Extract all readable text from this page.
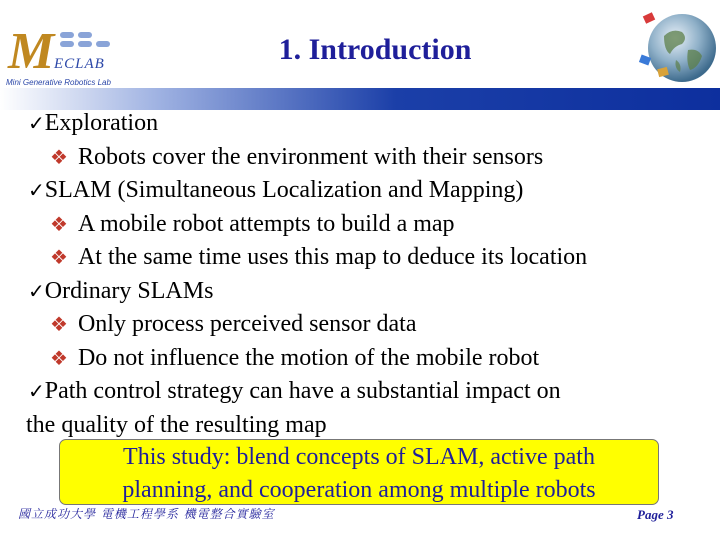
M ECLAB
Mini Generative Robotics Lab
1. Introduction
✓Exploration
❖ Robots cover the environment with their sensors
✓SLAM (Simultaneous Localization and Mapping)
❖ A mobile robot attempts to build a map
❖ At the same time uses this map to deduce its location
✓Ordinary SLAMs
❖ Only process perceived sensor data
❖ Do not influence the motion of the mobile robot
✓Path control strategy can have a substantial impact on
the quality of the resulting map
This study: blend concepts of SLAM, active path
planning, and cooperation among multiple robots
國立成功大學 電機工程學系 機電整合實驗室	Page 3
